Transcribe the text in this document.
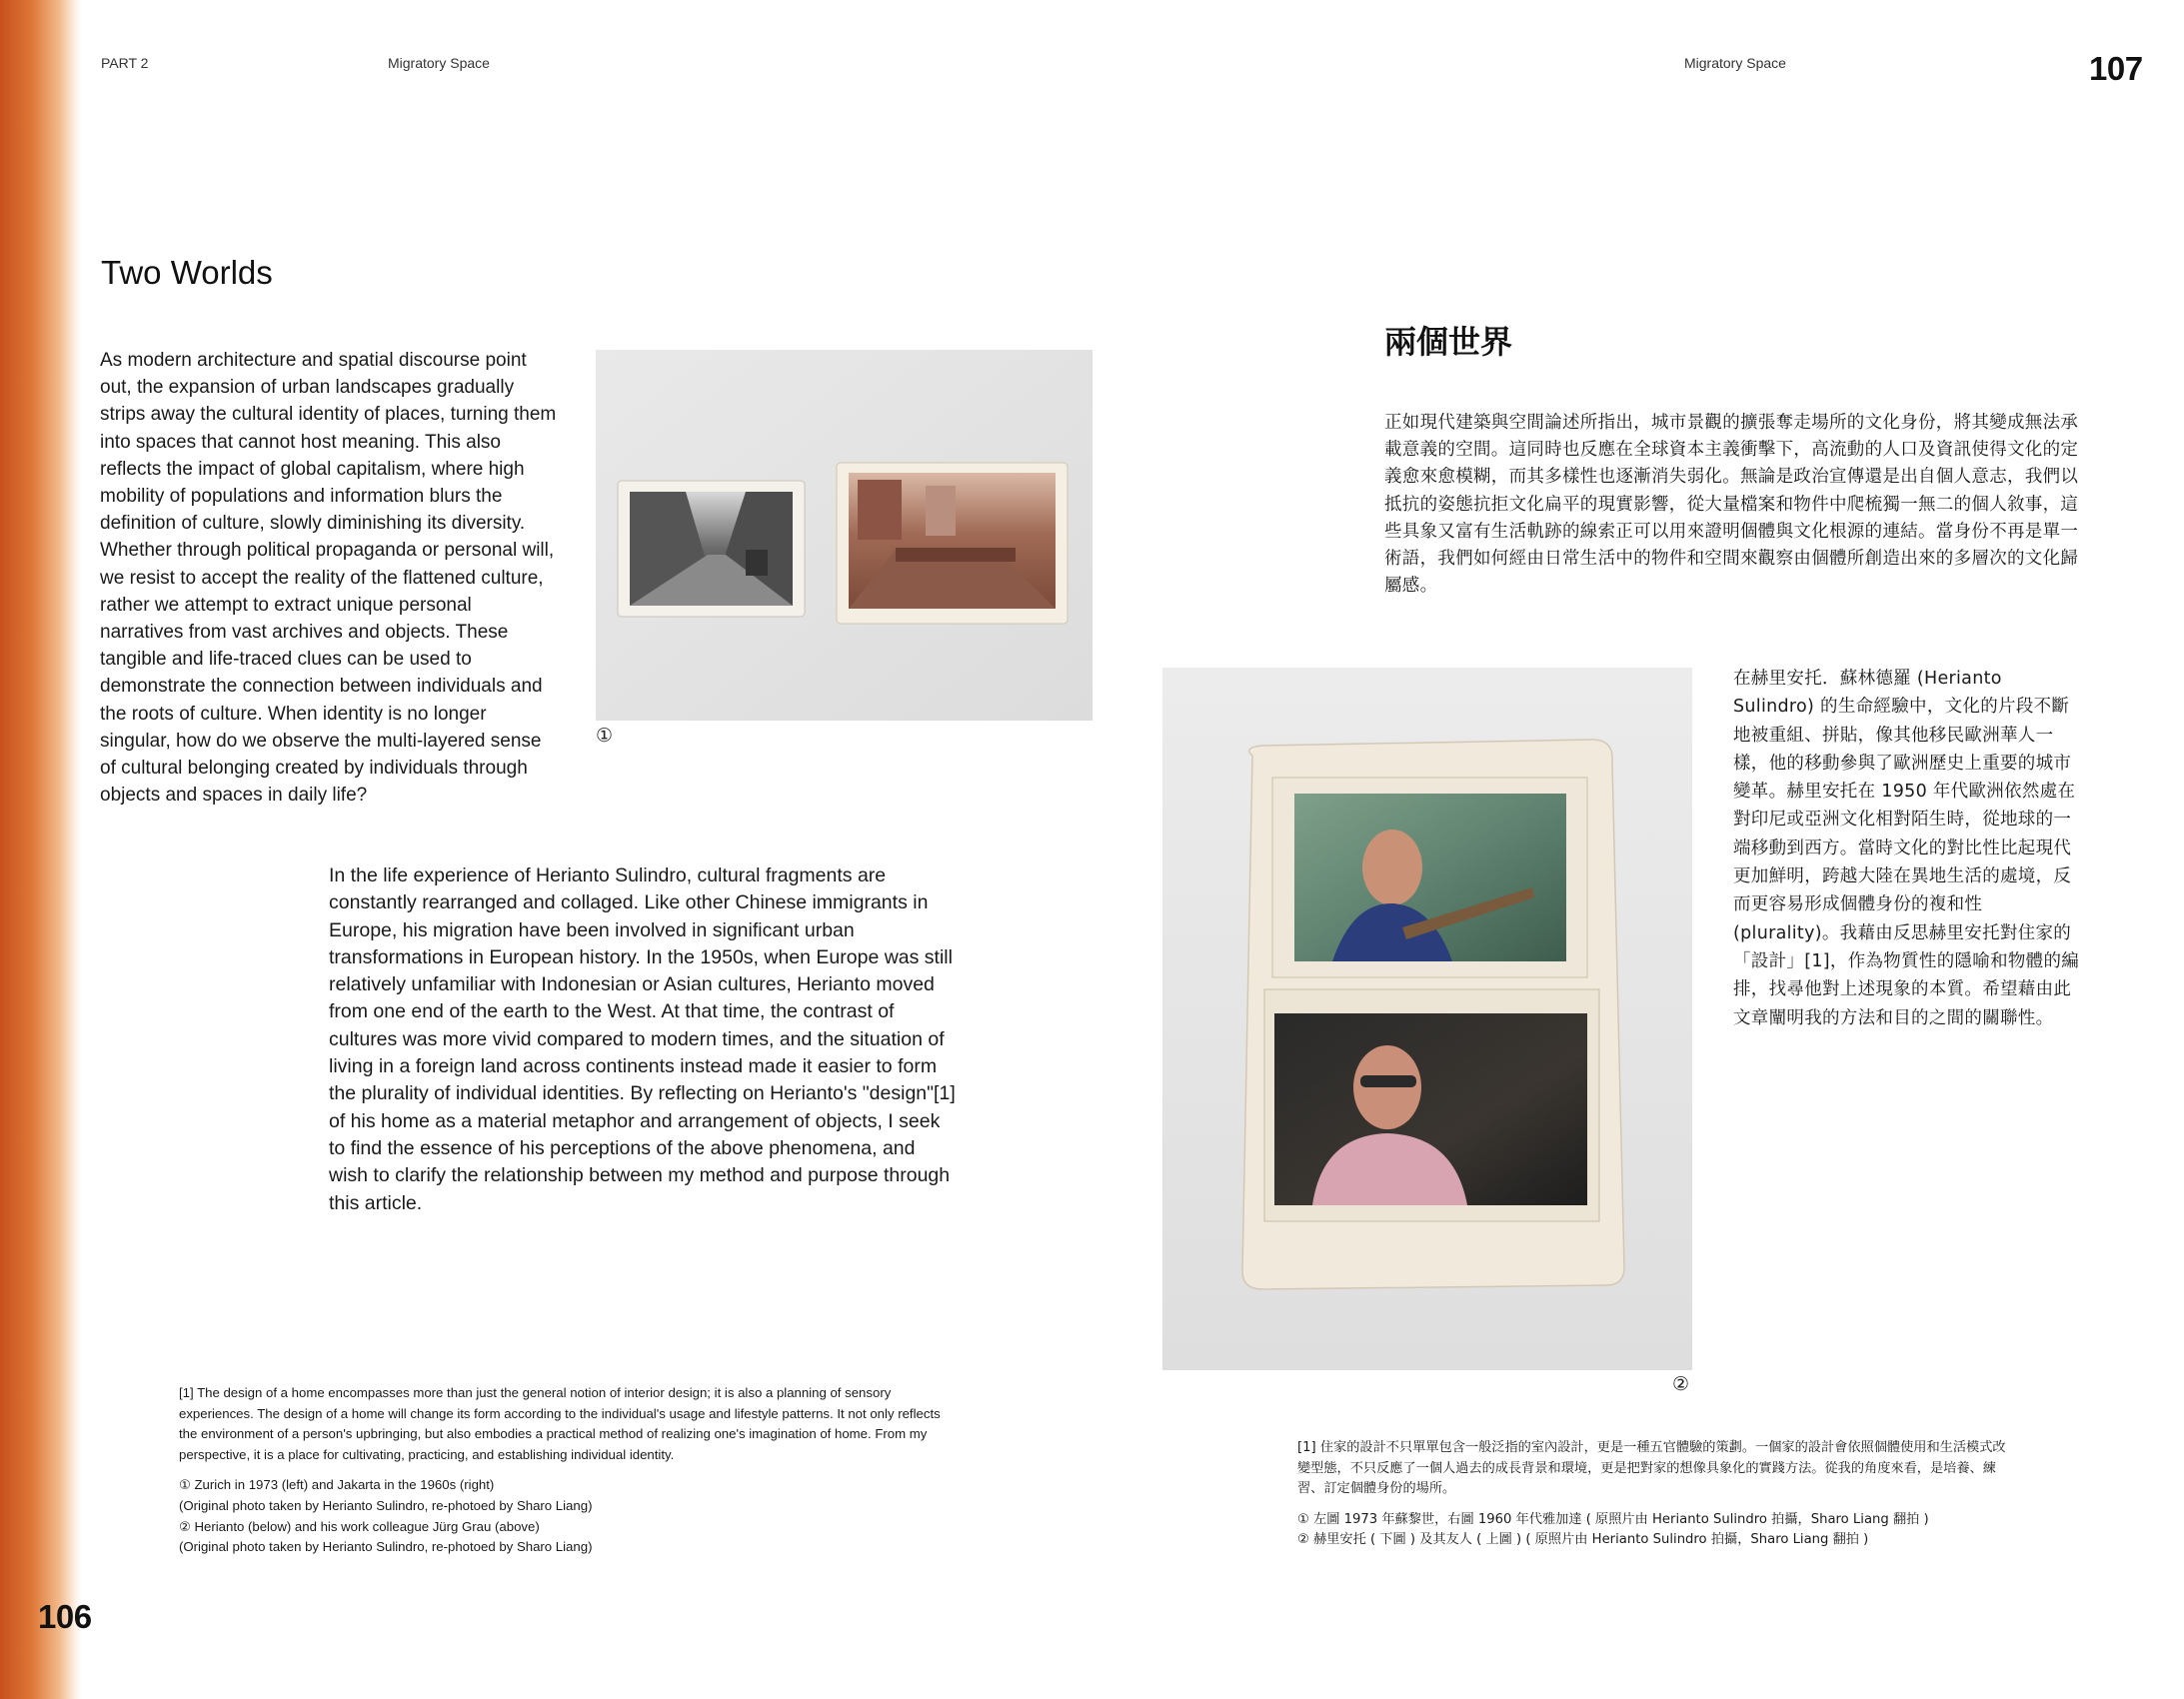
PART 2	Migratory Space
Two Worlds

As modern architecture and spatial discourse point out, the expansion of urban landscapes gradually strips away the cultural identity of places, turning them into spaces that cannot host meaning. This also reflects the impact of global capitalism, where high mobility of populations and information blurs the definition of culture, slowly diminishing its diversity. Whether through political propaganda or personal will, we resist to accept the reality of the flattened culture, rather we attempt to extract unique personal narratives from vast archives and objects. These tangible and life-traced clues can be used to demonstrate the connection between individuals and the roots of culture. When identity is no longer singular, how do we observe the multi-layered sense of cultural belonging created by individuals through objects and spaces in daily life?

①

In the life experience of Herianto Sulindro, cultural fragments are constantly rearranged and collaged. Like other Chinese immigrants in Europe, his migration have been involved in significant urban transformations in European history. In the 1950s, when Europe was still relatively unfamiliar with Indonesian or Asian cultures, Herianto moved from one end of the earth to the West. At that time, the contrast of cultures was more vivid compared to modern times, and the situation of living in a foreign land across continents instead made it easier to form the plurality of individual identities. By reflecting on Herianto's "design"[1] of his home as a material metaphor and arrangement of objects, I seek to find the essence of his perceptions of the above phenomena, and wish to clarify the relationship between my method and purpose through this article.

[1] The design of a home encompasses more than just the general notion of interior design; it is also a planning of sensory experiences. The design of a home will change its form according to the individual's usage and lifestyle patterns. It not only reflects the environment of a person's upbringing, but also embodies a practical method of realizing one's imagination of home. From my perspective, it is a place for cultivating, practicing, and establishing individual identity.

① Zurich in 1973 (left) and Jakarta in the 1960s (right)

(Original photo taken by Herianto Sulindro, re-photoed by Sharo Liang)

② Herianto (below) and his work colleague Jürg Grau (above)

(Original photo taken by Herianto Sulindro, re-photoed by Sharo Liang)

106
Migratory Space	107
兩個世界

正如現代建築與空間論述所指出，城市景觀的擴張奪走場所的文化身份，將其變成無法承載意義的空間。這同時也反應在全球資本主義衝擊下，高流動的人口及資訊使得文化的定義愈來愈模糊，而其多樣性也逐漸消失弱化。無論是政治宣傳還是出自個人意志，我們以抵抗的姿態抗拒文化扁平的現實影響，從大量檔案和物件中爬梳獨一無二的個人敘事，這些具象又富有生活軌跡的線索正可以用來證明個體與文化根源的連結。當身份不再是單一術語，我們如何經由日常生活中的物件和空間來觀察由個體所創造出來的多層次的文化歸屬感。

②

在赫里安托．蘇林德羅 (Herianto Sulindro) 的生命經驗中，文化的片段不斷地被重組、拼貼，像其他移民歐洲華人一樣，他的移動參與了歐洲歷史上重要的城市變革。赫里安托在 1950 年代歐洲依然處在對印尼或亞洲文化相對陌生時，從地球的一端移動到西方。當時文化的對比性比起現代更加鮮明，跨越大陸在異地生活的處境，反而更容易形成個體身份的複和性 (plurality)。我藉由反思赫里安托對住家的「設計」[1]，作為物質性的隱喻和物體的編排，找尋他對上述現象的本質。希望藉由此文章闡明我的方法和目的之間的關聯性。

[1] 住家的設計不只單單包含一般泛指的室內設計，更是一種五官體驗的策劃。一個家的設計會依照個體使用和生活模式改變型態，不只反應了一個人過去的成長背景和環境，更是把對家的想像具象化的實踐方法。從我的角度來看，是培養、練習、訂定個體身份的場所。

① 左圖 1973 年蘇黎世，右圖 1960 年代雅加達 ( 原照片由 Herianto Sulindro 拍攝，Sharo Liang 翻拍 )

② 赫里安托 ( 下圖 ) 及其友人 ( 上圖 ) ( 原照片由 Herianto Sulindro 拍攝，Sharo Liang 翻拍 )
